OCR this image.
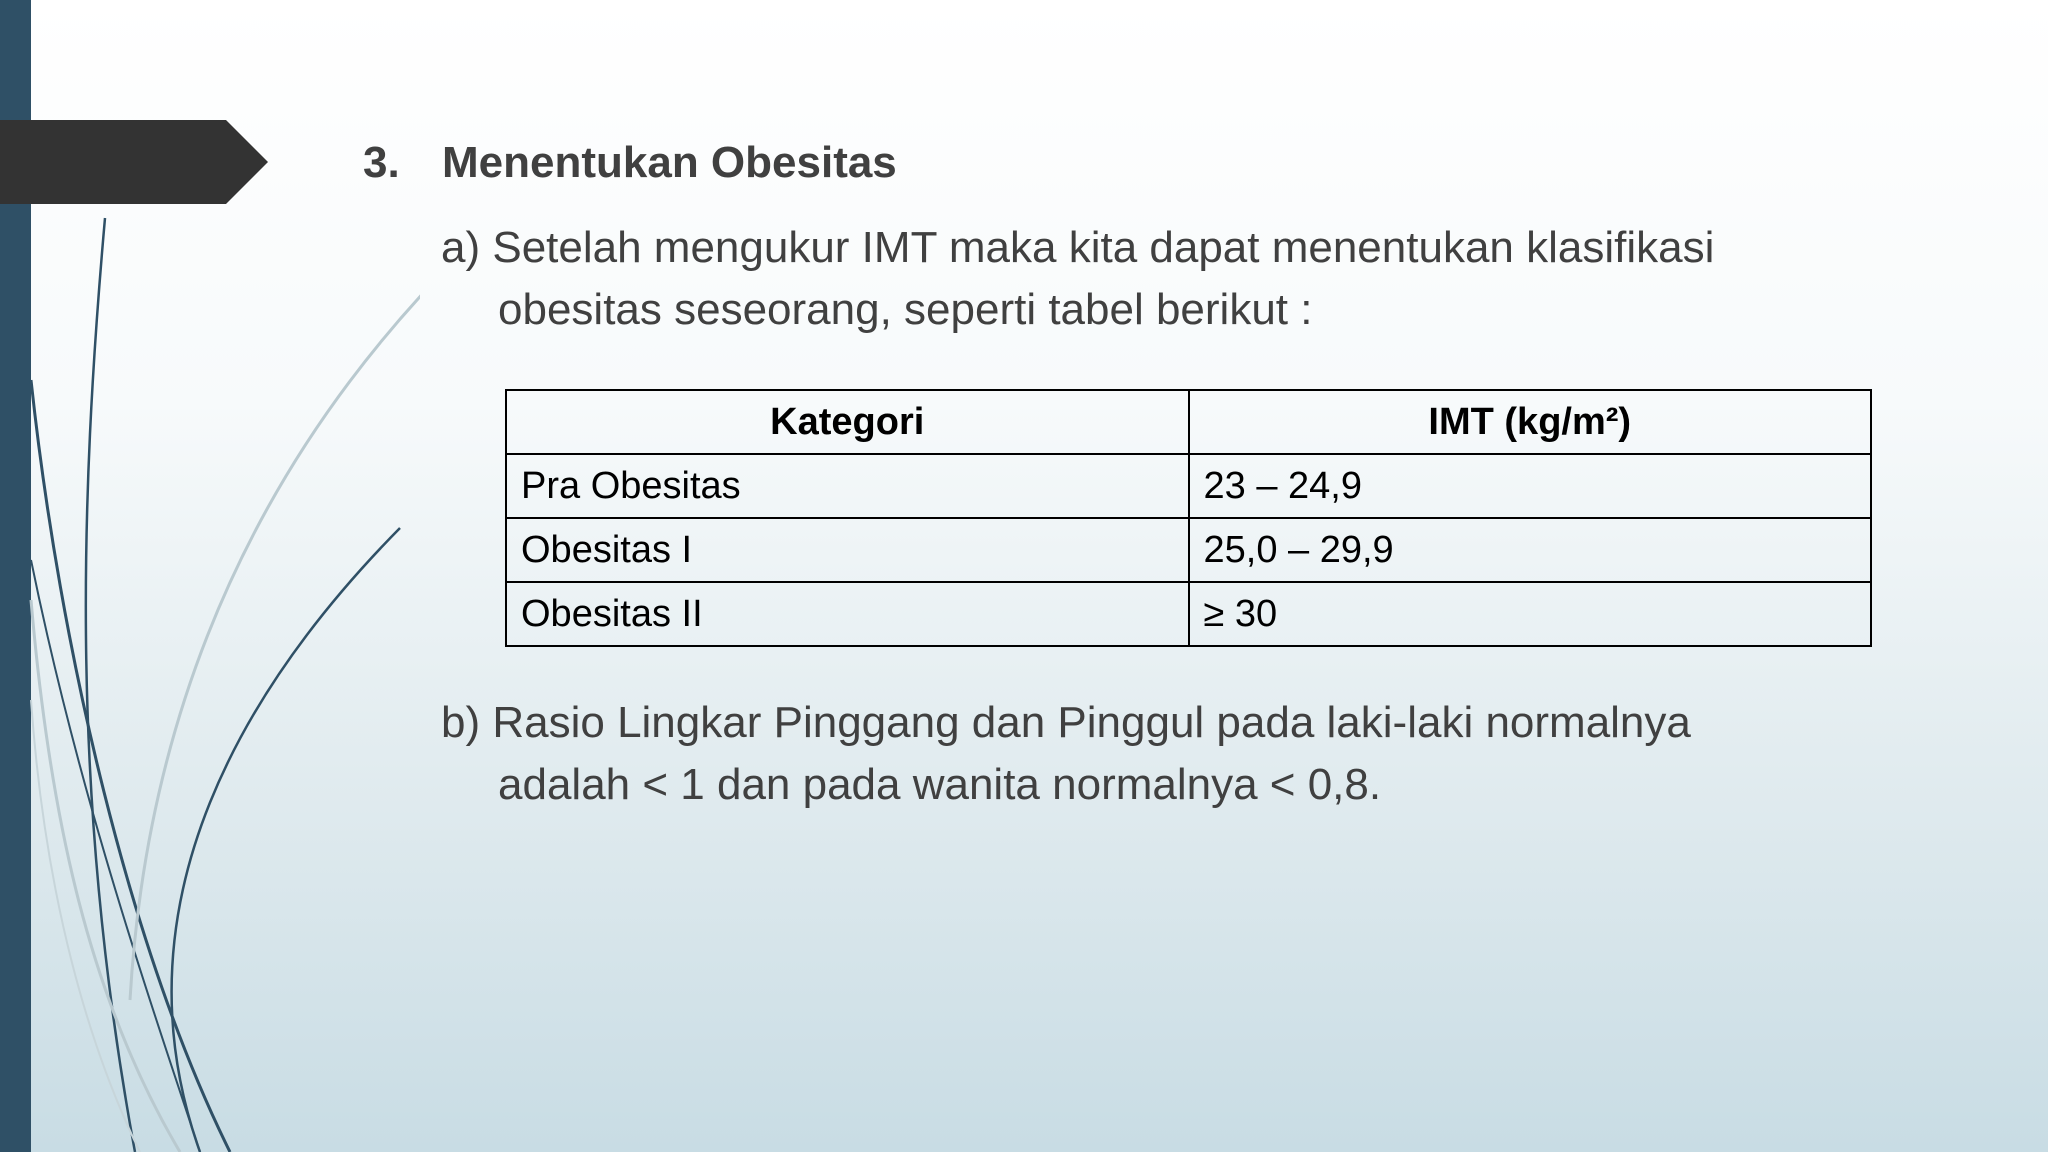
3. Menentukan Obesitas
a) Setelah mengukur IMT maka kita dapat menentukan klasifikasi
obesitas seseorang, seperti tabel berikut :
Kategori	IMT (kg/m²)
Pra Obesitas	23 – 24,9
Obesitas I	25,0 – 29,9
Obesitas II	≥ 30
b) Rasio Lingkar Pinggang dan Pinggul pada laki-laki normalnya
adalah < 1 dan pada wanita normalnya < 0,8.
